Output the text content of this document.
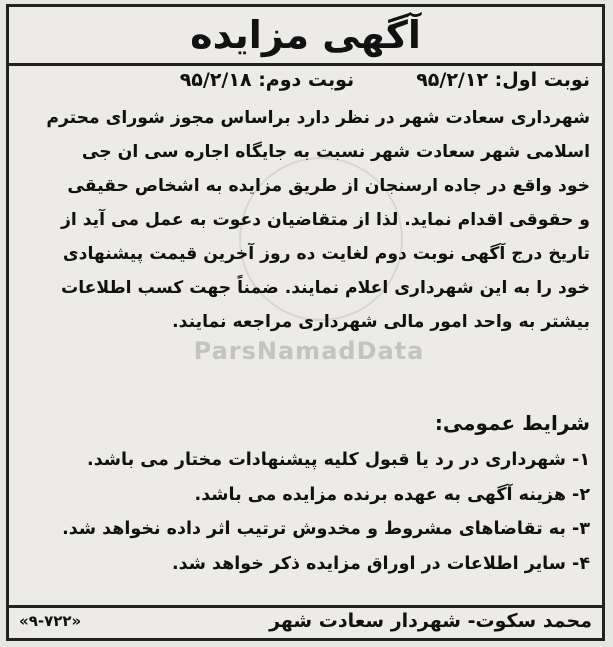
ParsNamadData
آگهی مزایده
نوبت اول: ۹۵/۲/۱۲
نوبت دوم: ۹۵/۲/۱۸
شهرداری سعادت شهر در نظر دارد براساس مجوز شورای محترم
اسلامی شهر سعادت شهر نسبت به جایگاه اجاره سی ان جی
خود واقع در جاده ارسنجان از طریق مزایده به اشخاص حقیقی
و حقوقی اقدام نماید. لذا از متقاضیان دعوت به عمل می آید از
تاریخ درج آگهی نوبت دوم لغایت ده روز آخرین قیمت پیشنهادی
خود را به این شهرداری اعلام نمایند. ضمناً جهت کسب اطلاعات
بیشتر به واحد امور مالی شهرداری مراجعه نمایند.
شرایط عمومی:
۱- شهرداری در رد یا قبول کلیه پیشنهادات مختار می باشد.
۲- هزینه آگهی به عهده برنده مزایده می باشد.
۳- به تقاضاهای مشروط و مخدوش ترتیب اثر داده نخواهد شد.
۴- سایر اطلاعات در اوراق مزایده ذکر خواهد شد.
محمد سکوت- شهردار سعادت شهر
«۹-۷۲۲»
